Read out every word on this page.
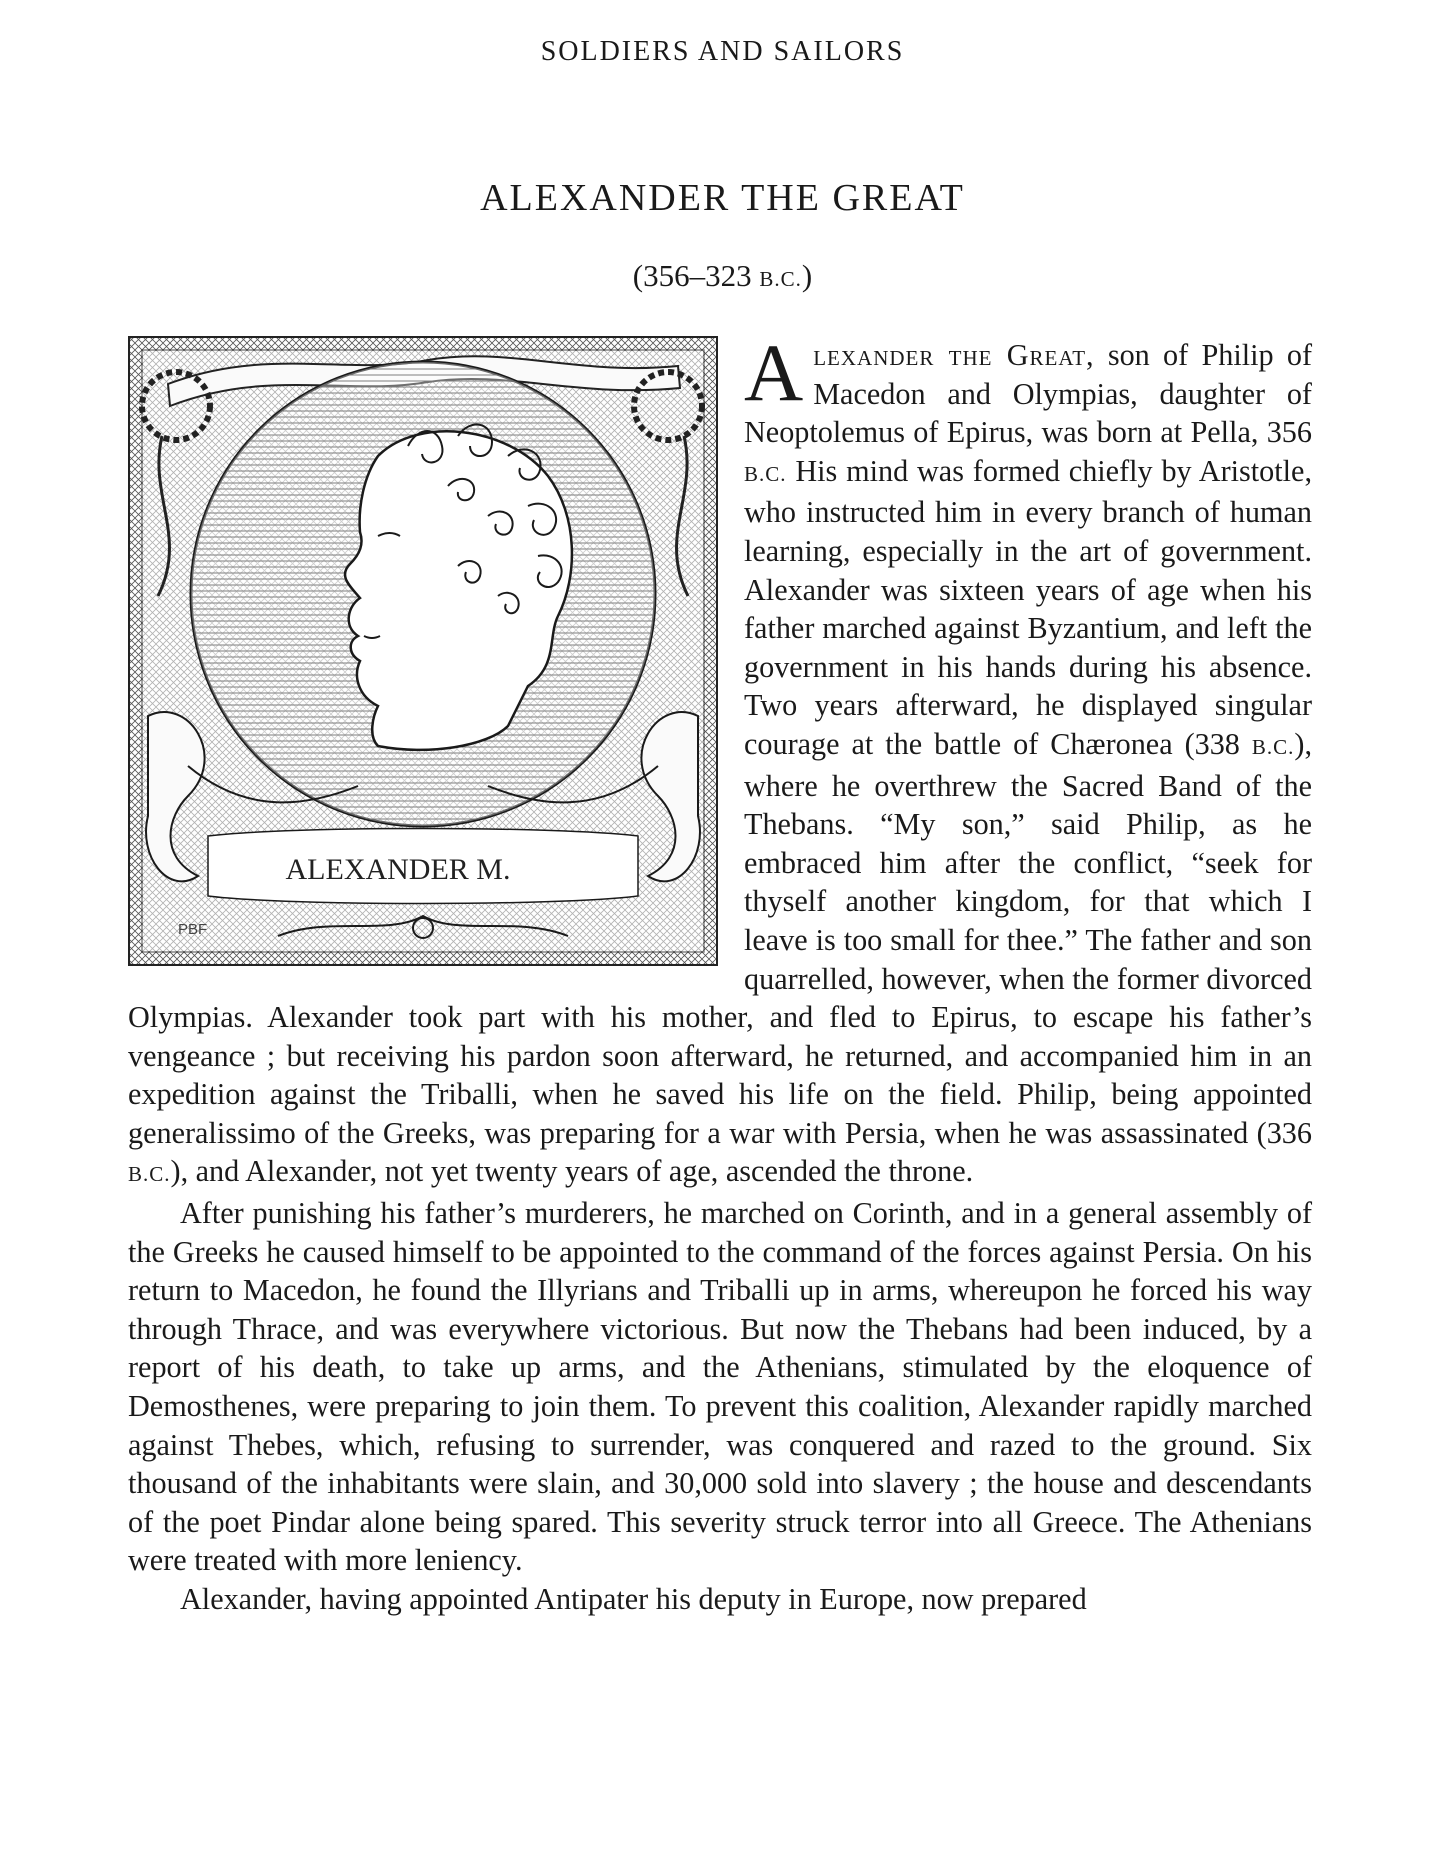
SOLDIERS AND SAILORS
ALEXANDER THE GREAT
(356–323 B.C.)
ALEXANDER M.
PBF

Alexander the Great, son of Philip of Macedon and Olympias, daughter of Neoptolemus of Epirus, was born at Pella, 356 B.C. His mind was formed chiefly by Aristotle, who instructed him in every branch of human learning, especially in the art of government. Alexander was sixteen years of age when his father marched against Byzantium, and left the government in his hands during his absence. Two years afterward, he displayed singular courage at the battle of Chæronea (338 B.C.), where he overthrew the Sacred Band of the Thebans. “My son,” said Philip, as he embraced him after the conflict, “seek for thyself another kingdom, for that which I leave is too small for thee.” The father and son quarrelled, however, when the former divorced Olympias. Alexander took part with his mother, and fled to Epirus, to escape his father’s vengeance ; but receiving his pardon soon afterward, he returned, and accompanied him in an expedition against the Triballi, when he saved his life on the field. Philip, being appointed generalissimo of the Greeks, was preparing for a war with Persia, when he was assassinated (336 B.C.), and Alexander, not yet twenty years of age, ascended the throne.

After punishing his father’s murderers, he marched on Corinth, and in a general assembly of the Greeks he caused himself to be appointed to the command of the forces against Persia. On his return to Macedon, he found the Illyrians and Triballi up in arms, whereupon he forced his way through Thrace, and was everywhere victorious. But now the Thebans had been induced, by a report of his death, to take up arms, and the Athenians, stimulated by the eloquence of Demosthenes, were preparing to join them. To prevent this coalition, Alexander rapidly marched against Thebes, which, refusing to surrender, was conquered and razed to the ground. Six thousand of the inhabitants were slain, and 30,000 sold into slavery ; the house and descendants of the poet Pindar alone being spared. This severity struck terror into all Greece. The Athenians were treated with more leniency.

Alexander, having appointed Antipater his deputy in Europe, now prepared
